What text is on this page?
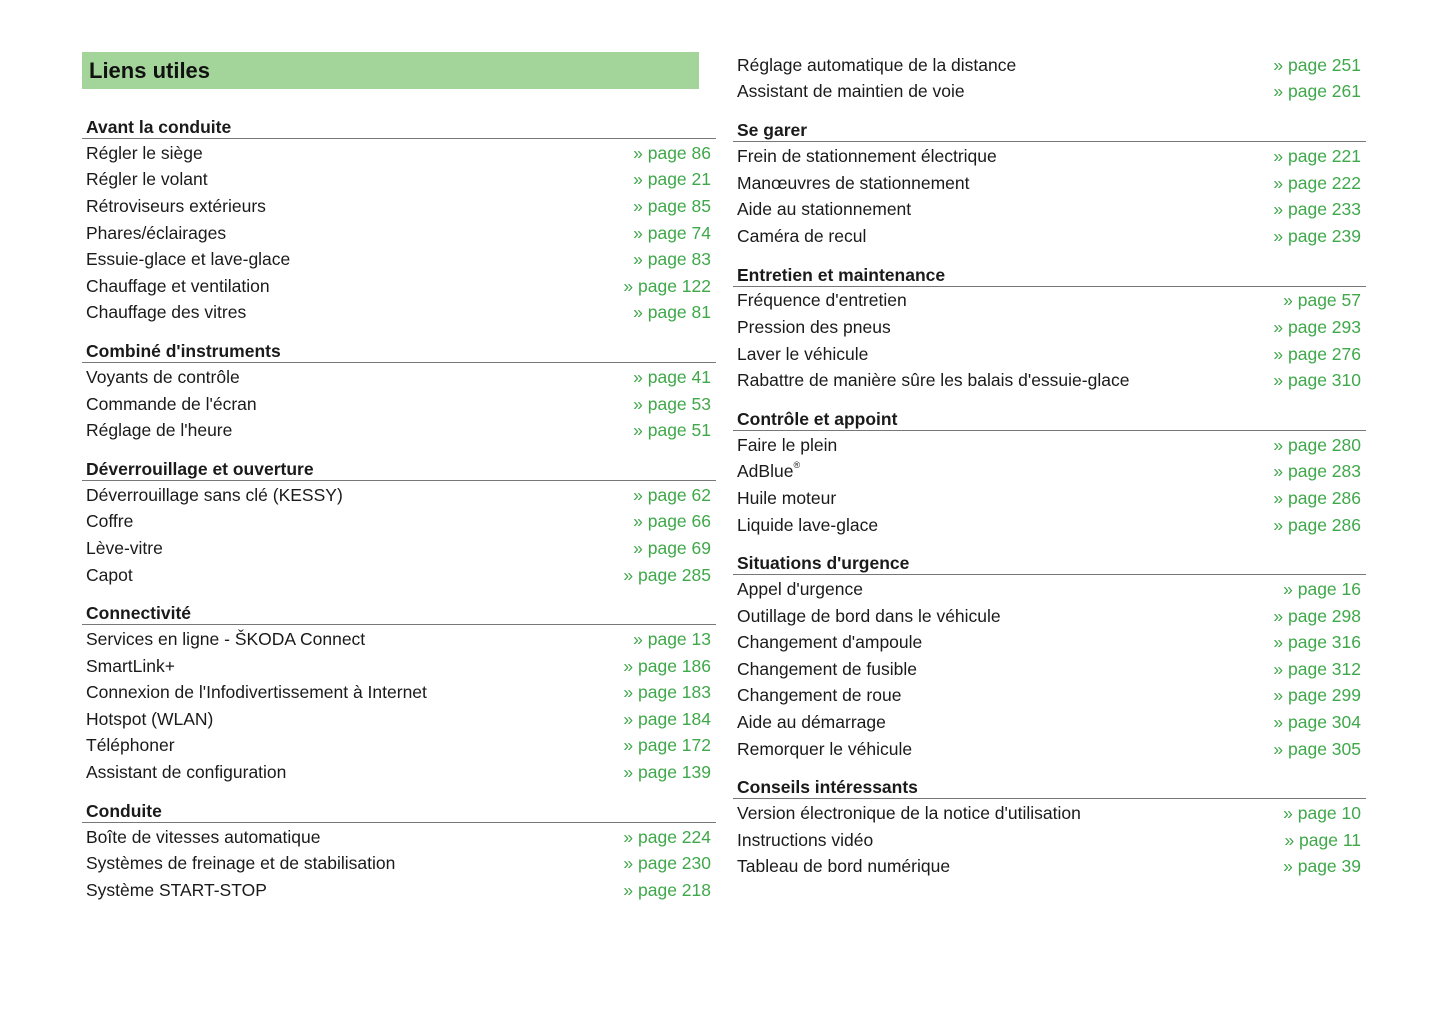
Liens utiles
Avant la conduite
Régler le siège	» page 86
Régler le volant	» page 21
Rétroviseurs extérieurs	» page 85
Phares/éclairages	» page 74
Essuie-glace et lave-glace	» page 83
Chauffage et ventilation	» page 122
Chauffage des vitres	» page 81
Combiné d'instruments
Voyants de contrôle	» page 41
Commande de l'écran	» page 53
Réglage de l'heure	» page 51
Déverrouillage et ouverture
Déverrouillage sans clé (KESSY)	» page 62
Coffre	» page 66
Lève-vitre	» page 69
Capot	» page 285
Connectivité
Services en ligne - ŠKODA Connect	» page 13
SmartLink+	» page 186
Connexion de l'Infodivertissement à Internet	» page 183
Hotspot (WLAN)	» page 184
Téléphoner	» page 172
Assistant de configuration	» page 139
Conduite
Boîte de vitesses automatique	» page 224
Systèmes de freinage et de stabilisation	» page 230
Système START-STOP	» page 218
Réglage automatique de la distance	» page 251
Assistant de maintien de voie	» page 261
Se garer
Frein de stationnement électrique	» page 221
Manœuvres de stationnement	» page 222
Aide au stationnement	» page 233
Caméra de recul	» page 239
Entretien et maintenance
Fréquence d'entretien	» page 57
Pression des pneus	» page 293
Laver le véhicule	» page 276
Rabattre de manière sûre les balais d'essuie-glace	» page 310
Contrôle et appoint
Faire le plein	» page 280
AdBlue®	» page 283
Huile moteur	» page 286
Liquide lave-glace	» page 286
Situations d'urgence
Appel d'urgence	» page 16
Outillage de bord dans le véhicule	» page 298
Changement d'ampoule	» page 316
Changement de fusible	» page 312
Changement de roue	» page 299
Aide au démarrage	» page 304
Remorquer le véhicule	» page 305
Conseils intéressants
Version électronique de la notice d'utilisation	» page 10
Instructions vidéo	» page 11
Tableau de bord numérique	» page 39
